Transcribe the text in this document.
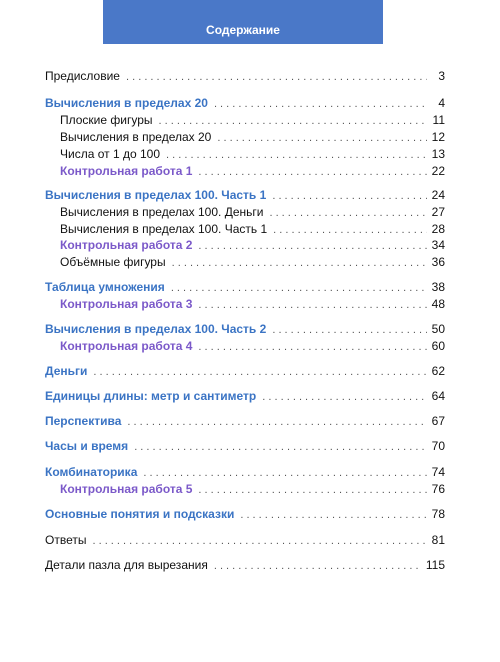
Содержание
Предисловие . . .	3
Вычисления в пределах 20 . . .	4
Плоские фигуры . . .	11
Вычисления в пределах 20 . . .	12
Числа от 1 до 100 . . .	13
Контрольная работа 1 . . .	22
Вычисления в пределах 100. Часть 1 . . .	24
Вычисления в пределах 100. Деньги . . .	27
Вычисления в пределах 100. Часть 1 . . .	28
Контрольная работа 2 . . .	34
Объёмные фигуры . . .	36
Таблица умножения . . .	38
Контрольная работа 3 . . .	48
Вычисления в пределах 100. Часть 2 . . .	50
Контрольная работа 4 . . .	60
Деньги . . .	62
Единицы длины: метр и сантиметр . . .	64
Перспектива . . .	67
Часы и время . . .	70
Комбинаторика . . .	74
Контрольная работа 5 . . .	76
Основные понятия и подсказки . . .	78
Ответы . . .	81
Детали пазла для вырезания . . .	115
